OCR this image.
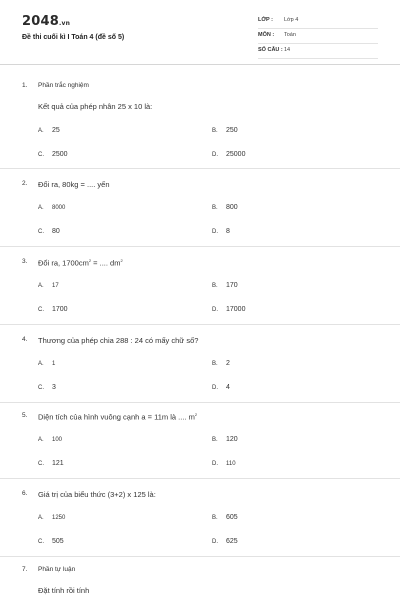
2048.vn
Đề thi cuối kì I Toán 4 (đề số 5)
LỚP : Lớp 4
MÔN : Toán
SỐ CÂU : 14
1. Phần trắc nghiệm
Kết quả của phép nhân 25 x 10 là:
A. 25	B. 250
C. 2500	D. 25000
2. Đổi ra, 80kg = .... yến
A. 8000	B. 800
C. 80	D. 8
3. Đổi ra, $1700cm^2$ = .... $dm^2$
A. 17	B. 170
C. 1700	D. 17000
4. Thương của phép chia 288 : 24 có mấy chữ số?
A. 1	B. 2
C. 3	D. 4
5. Diện tích của hình vuông cạnh a = 11m là .... $m^2$
A. 100	B. 120
C. 121	D. 110
6. Giá trị của biểu thức (3+2) x 125 là:
A. 1250	B. 605
C. 505	D. 625
7. Phần tự luận
Đặt tính rồi tính
